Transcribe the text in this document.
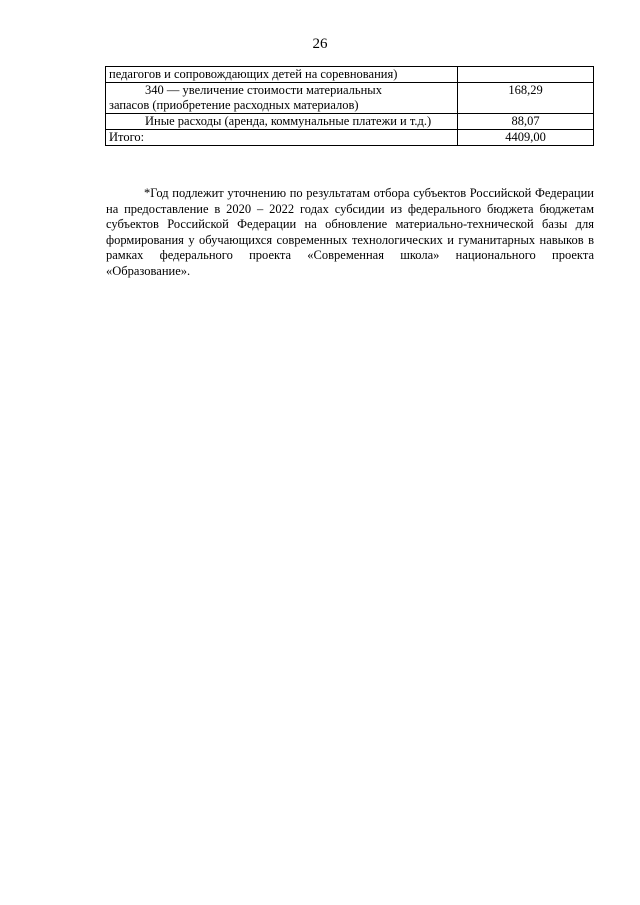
26
педагогов и сопровождающих детей на соревнования)	

340 — увеличение стоимости материальных
запасов (приобретение расходных материалов)	168,29

Иные расходы (аренда, коммунальные платежи и т.д.)	88,07
Итого:	4409,00

*Год подлежит уточнению по результатам отбора субъектов Российской Федерации на предоставление в 2020 – 2022 годах субсидии из федерального бюджета бюджетам субъектов Российской Федерации на обновление материально-технической базы для формирования у обучающихся современных технологических и гуманитарных навыков в рамках федерального проекта «Современная школа» национального проекта «Образование».
